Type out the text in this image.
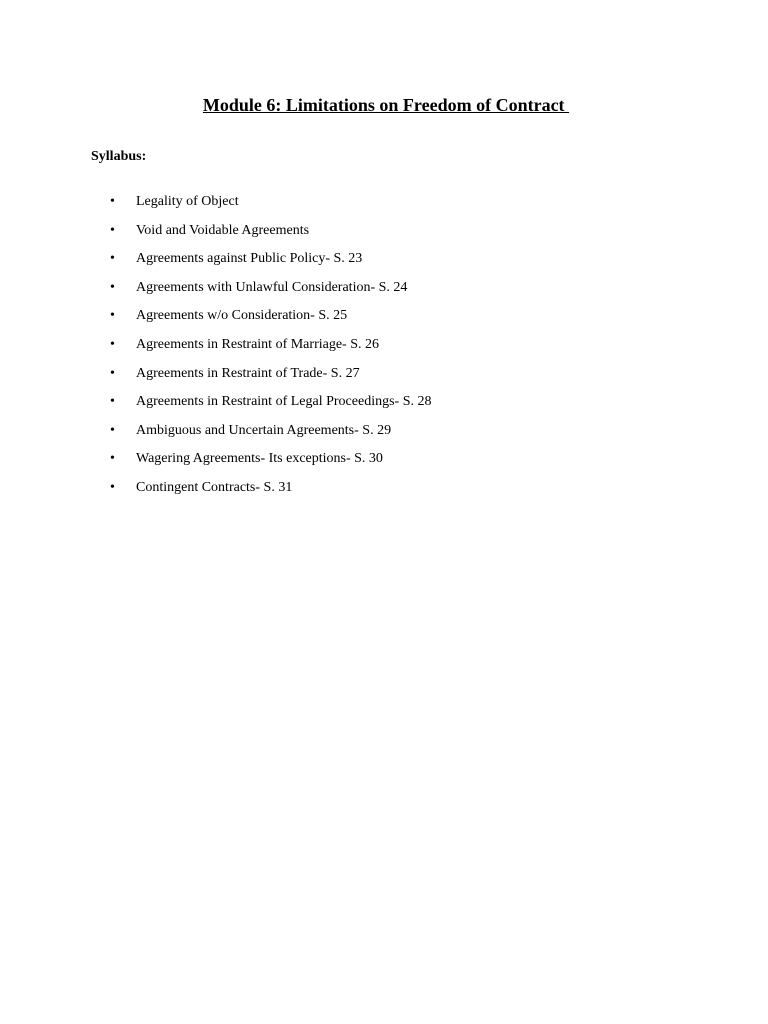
Module 6: Limitations on Freedom of Contract
Syllabus:
• Legality of Object
• Void and Voidable Agreements
• Agreements against Public Policy- S. 23
• Agreements with Unlawful Consideration- S. 24
• Agreements w/o Consideration- S. 25
• Agreements in Restraint of Marriage- S. 26
• Agreements in Restraint of Trade- S. 27
• Agreements in Restraint of Legal Proceedings- S. 28
• Ambiguous and Uncertain Agreements- S. 29
• Wagering Agreements- Its exceptions- S. 30
• Contingent Contracts- S. 31
